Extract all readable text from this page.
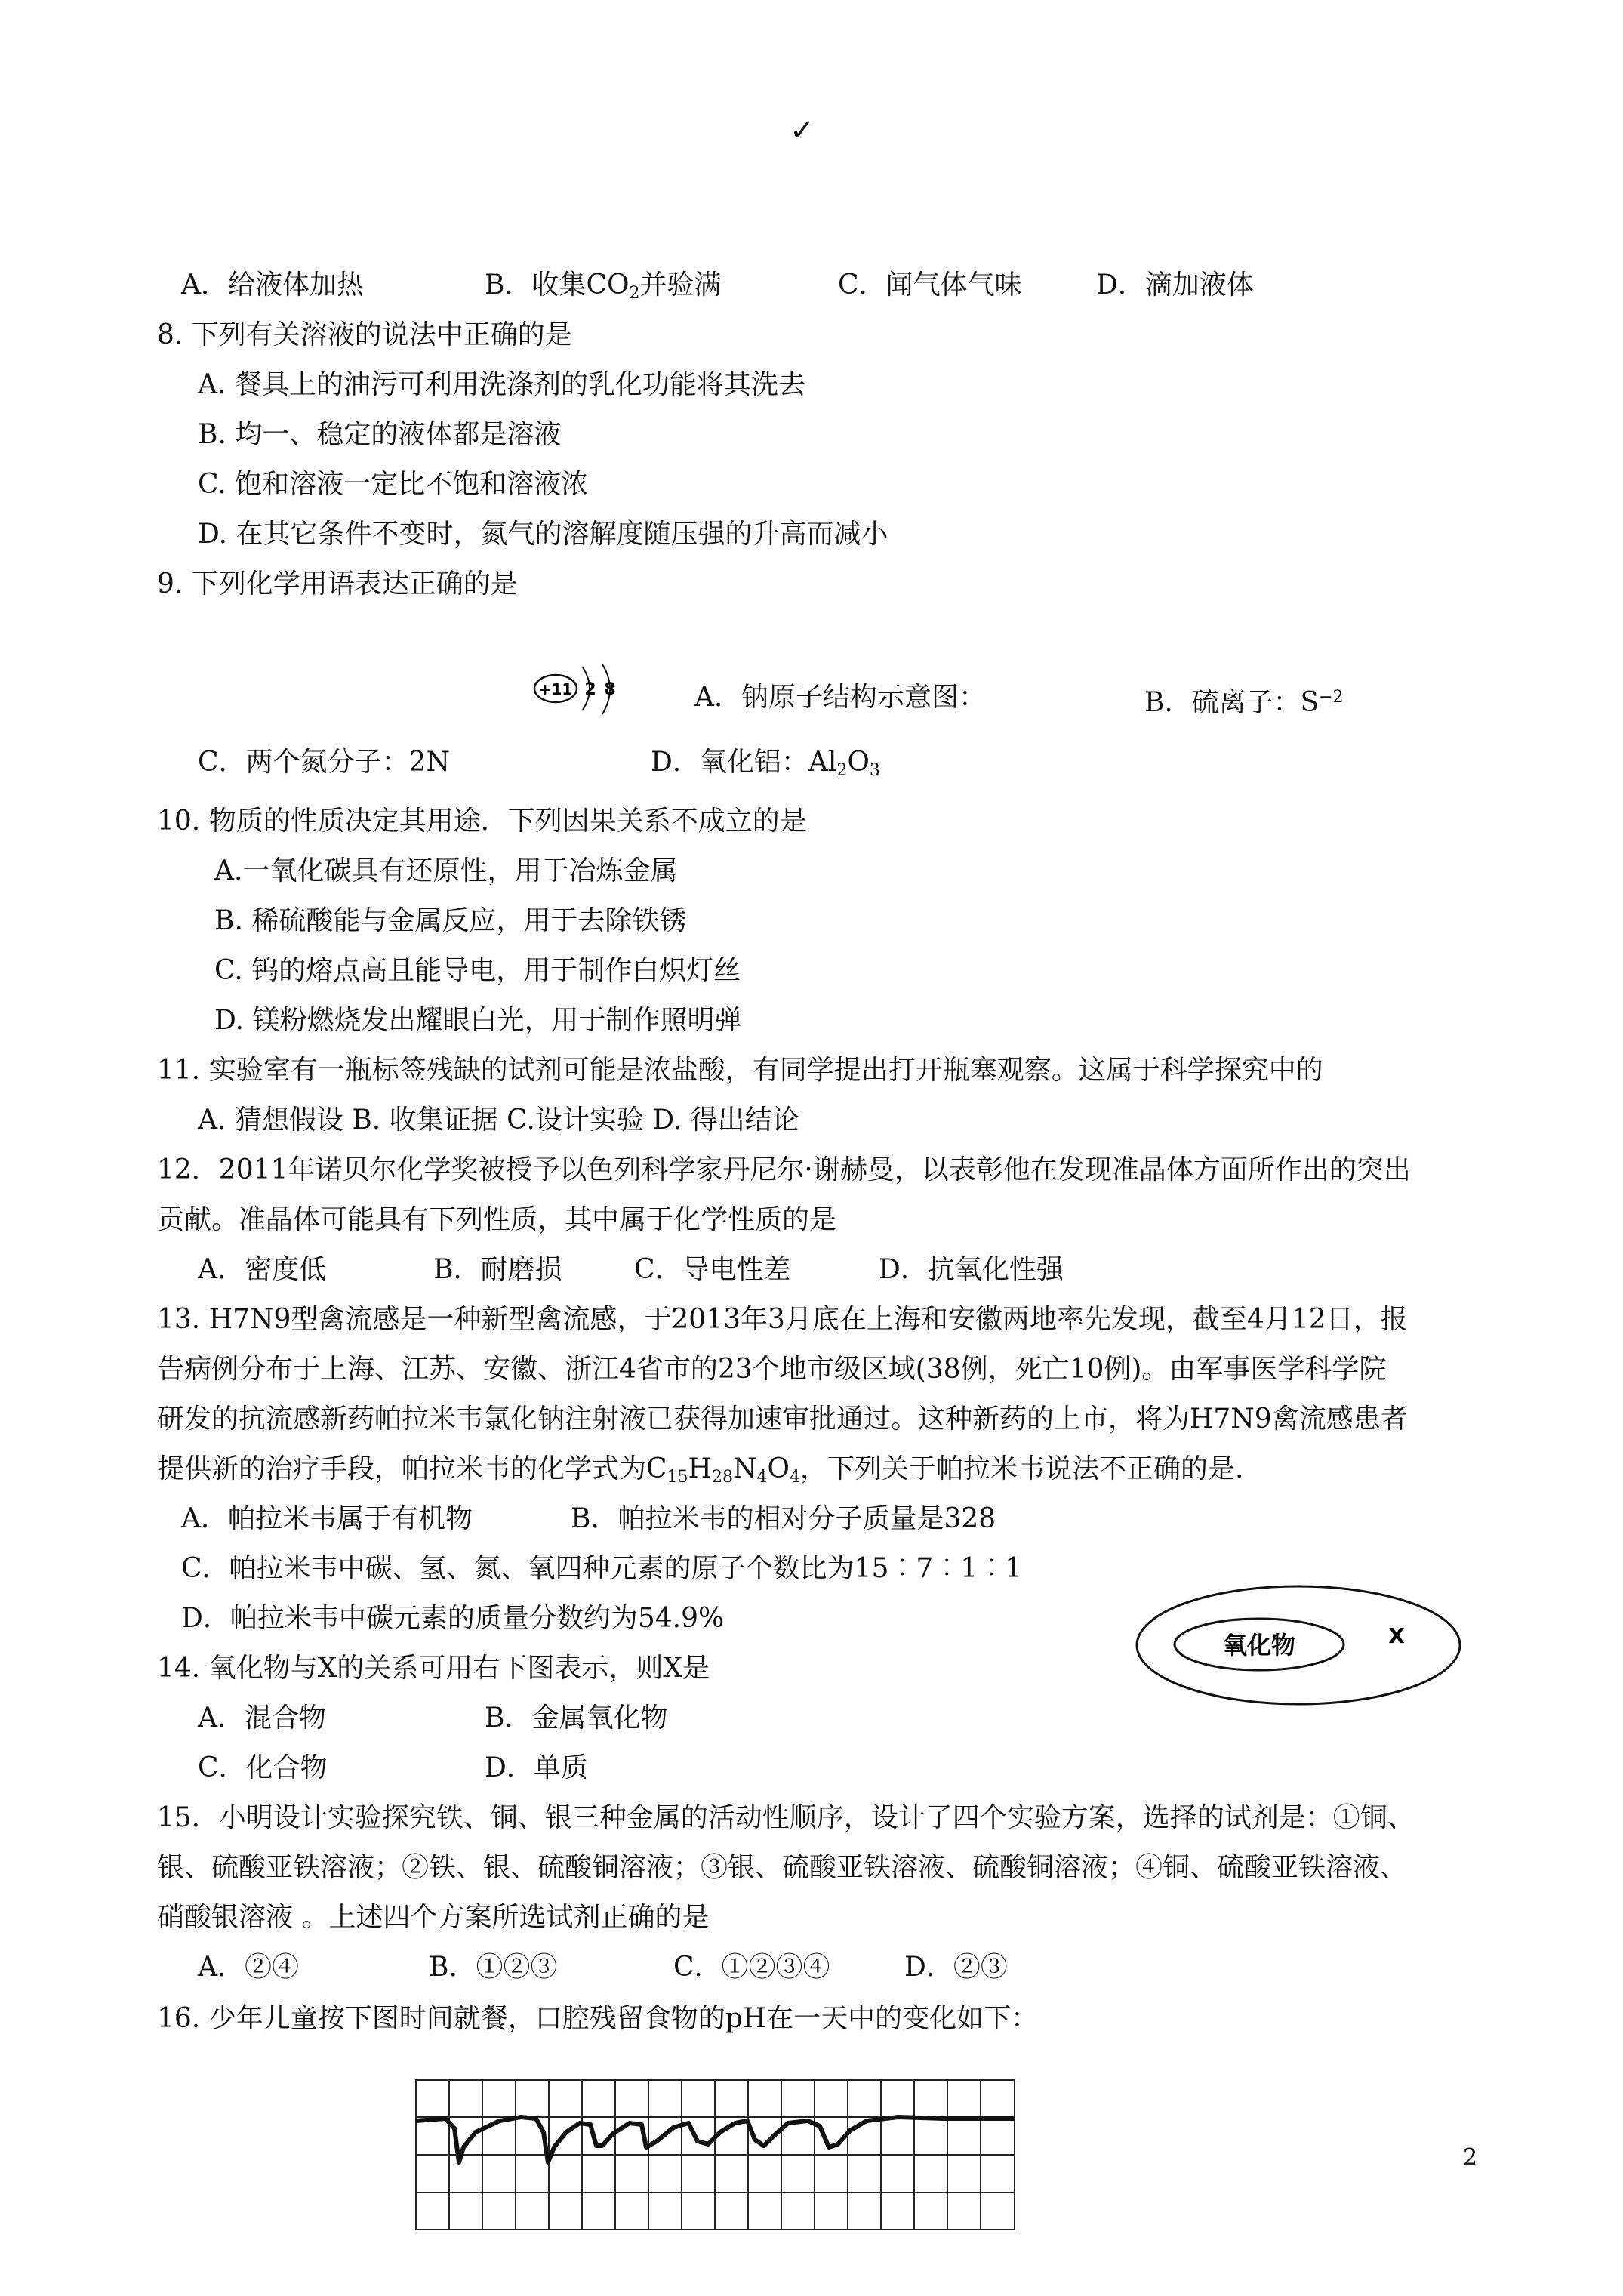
✓
A．给液体加热	B．收集$CO_2$并验满	C．闻气体气味	D．滴加液体
8. 下列有关溶液的说法中正确的是
A. 餐具上的油污可利用洗涤剂的乳化功能将其洗去
B. 均一、稳定的液体都是溶液
C. 饱和溶液一定比不饱和溶液浓
D. 在其它条件不变时，氮气的溶解度随压强的升高而减小
9. 下列化学用语表达正确的是
+11 2 8	A．钠原子结构示意图：	B．硫离子：$S^{-2}$
C．两个氮分子：2N	D．氧化铝：$Al_2O_3$
10. 物质的性质决定其用途．下列因果关系不成立的是
A.一氧化碳具有还原性，用于冶炼金属
B. 稀硫酸能与金属反应，用于去除铁锈
C. 钨的熔点高且能导电，用于制作白炽灯丝
D. 镁粉燃烧发出耀眼白光，用于制作照明弹
11. 实验室有一瓶标签残缺的试剂可能是浓盐酸，有同学提出打开瓶塞观察。这属于科学探究中的
A. 猜想假设 B. 收集证据 C.设计实验 D. 得出结论
12．2011年诺贝尔化学奖被授予以色列科学家丹尼尔·谢赫曼，以表彰他在发现准晶体方面所作出的突出
贡献。准晶体可能具有下列性质，其中属于化学性质的是
A．密度低	B．耐磨损	C．导电性差	D．抗氧化性强
13. H7N9型禽流感是一种新型禽流感，于2013年3月底在上海和安徽两地率先发现，截至4月12日，报
告病例分布于上海、江苏、安徽、浙江4省市的23个地市级区域(38例，死亡10例)。由军事医学科学院
研发的抗流感新药帕拉米韦氯化钠注射液已获得加速审批通过。这种新药的上市，将为H7N9禽流感患者
提供新的治疗手段，帕拉米韦的化学式为$C_{15}H_{28}N_4O_4$，下列关于帕拉米韦说法不正确的是.
A．帕拉米韦属于有机物	B．帕拉米韦的相对分子质量是328
C．帕拉米韦中碳、氢、氮、氧四种元素的原子个数比为15︰7︰1︰1
D．帕拉米韦中碳元素的质量分数约为54.9%
氧化物	X
14. 氧化物与X的关系可用右下图表示，则X是
A．混合物	B．金属氧化物
C．化合物	D．单质
15．小明设计实验探究铁、铜、银三种金属的活动性顺序，设计了四个实验方案，选择的试剂是：①铜、
银、硫酸亚铁溶液；②铁、银、硫酸铜溶液；③银、硫酸亚铁溶液、硫酸铜溶液；④铜、硫酸亚铁溶液、
硝酸银溶液 。上述四个方案所选试剂正确的是
A．②④	B．①②③	C．①②③④	D．②③
16. 少年儿童按下图时间就餐，口腔残留食物的pH在一天中的变化如下：
2
